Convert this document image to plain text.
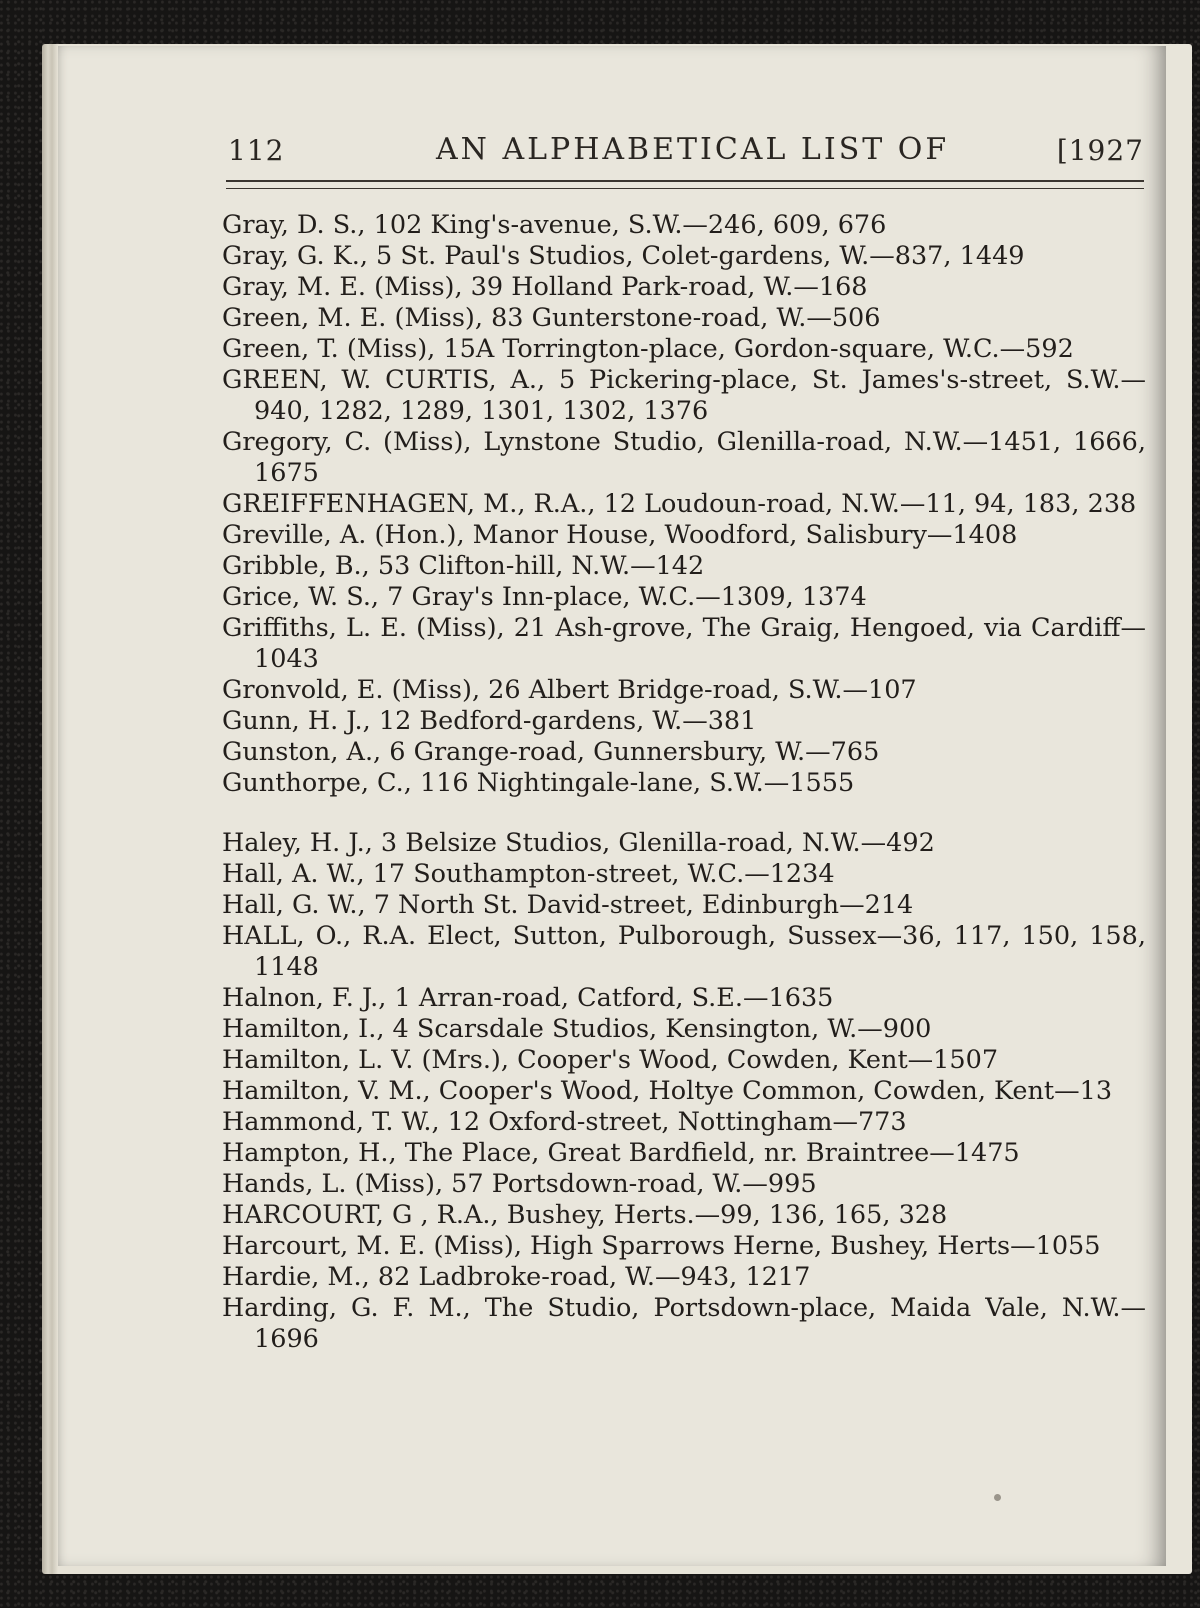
112	AN ALPHABETICAL LIST OF	[1927
Gray, D. S., 102 King's-avenue, S.W.—246, 609, 676
Gray, G. K., 5 St. Paul's Studios, Colet-gardens, W.—837, 1449
Gray, M. E. (Miss), 39 Holland Park-road, W.—168
Green, M. E. (Miss), 83 Gunterstone-road, W.—506
Green, T. (Miss), 15A Torrington-place, Gordon-square, W.C.—592
GREEN, W. CURTIS, A., 5 Pickering-place, St. James's-street, S.W.—940, 1282, 1289, 1301, 1302, 1376
Gregory, C. (Miss), Lynstone Studio, Glenilla-road, N.W.—1451, 1666, 1675
GREIFFENHAGEN, M., R.A., 12 Loudoun-road, N.W.—11, 94, 183, 238
Greville, A. (Hon.), Manor House, Woodford, Salisbury—1408
Gribble, B., 53 Clifton-hill, N.W.—142
Grice, W. S., 7 Gray's Inn-place, W.C.—1309, 1374
Griffiths, L. E. (Miss), 21 Ash-grove, The Graig, Hengoed, via Cardiff—1043
Gronvold, E. (Miss), 26 Albert Bridge-road, S.W.—107
Gunn, H. J., 12 Bedford-gardens, W.—381
Gunston, A., 6 Grange-road, Gunnersbury, W.—765
Gunthorpe, C., 116 Nightingale-lane, S.W.—1555
Haley, H. J., 3 Belsize Studios, Glenilla-road, N.W.—492
Hall, A. W., 17 Southampton-street, W.C.—1234
Hall, G. W., 7 North St. David-street, Edinburgh—214
HALL, O., R.A. Elect, Sutton, Pulborough, Sussex—36, 117, 150, 158, 1148
Halnon, F. J., 1 Arran-road, Catford, S.E.—1635
Hamilton, I., 4 Scarsdale Studios, Kensington, W.—900
Hamilton, L. V. (Mrs.), Cooper's Wood, Cowden, Kent—1507
Hamilton, V. M., Cooper's Wood, Holtye Common, Cowden, Kent—13
Hammond, T. W., 12 Oxford-street, Nottingham—773
Hampton, H., The Place, Great Bardfield, nr. Braintree—1475
Hands, L. (Miss), 57 Portsdown-road, W.—995
HARCOURT, G , R.A., Bushey, Herts.—99, 136, 165, 328
Harcourt, M. E. (Miss), High Sparrows Herne, Bushey, Herts—1055
Hardie, M., 82 Ladbroke-road, W.—943, 1217
Harding, G. F. M., The Studio, Portsdown-place, Maida Vale, N.W.—1696
